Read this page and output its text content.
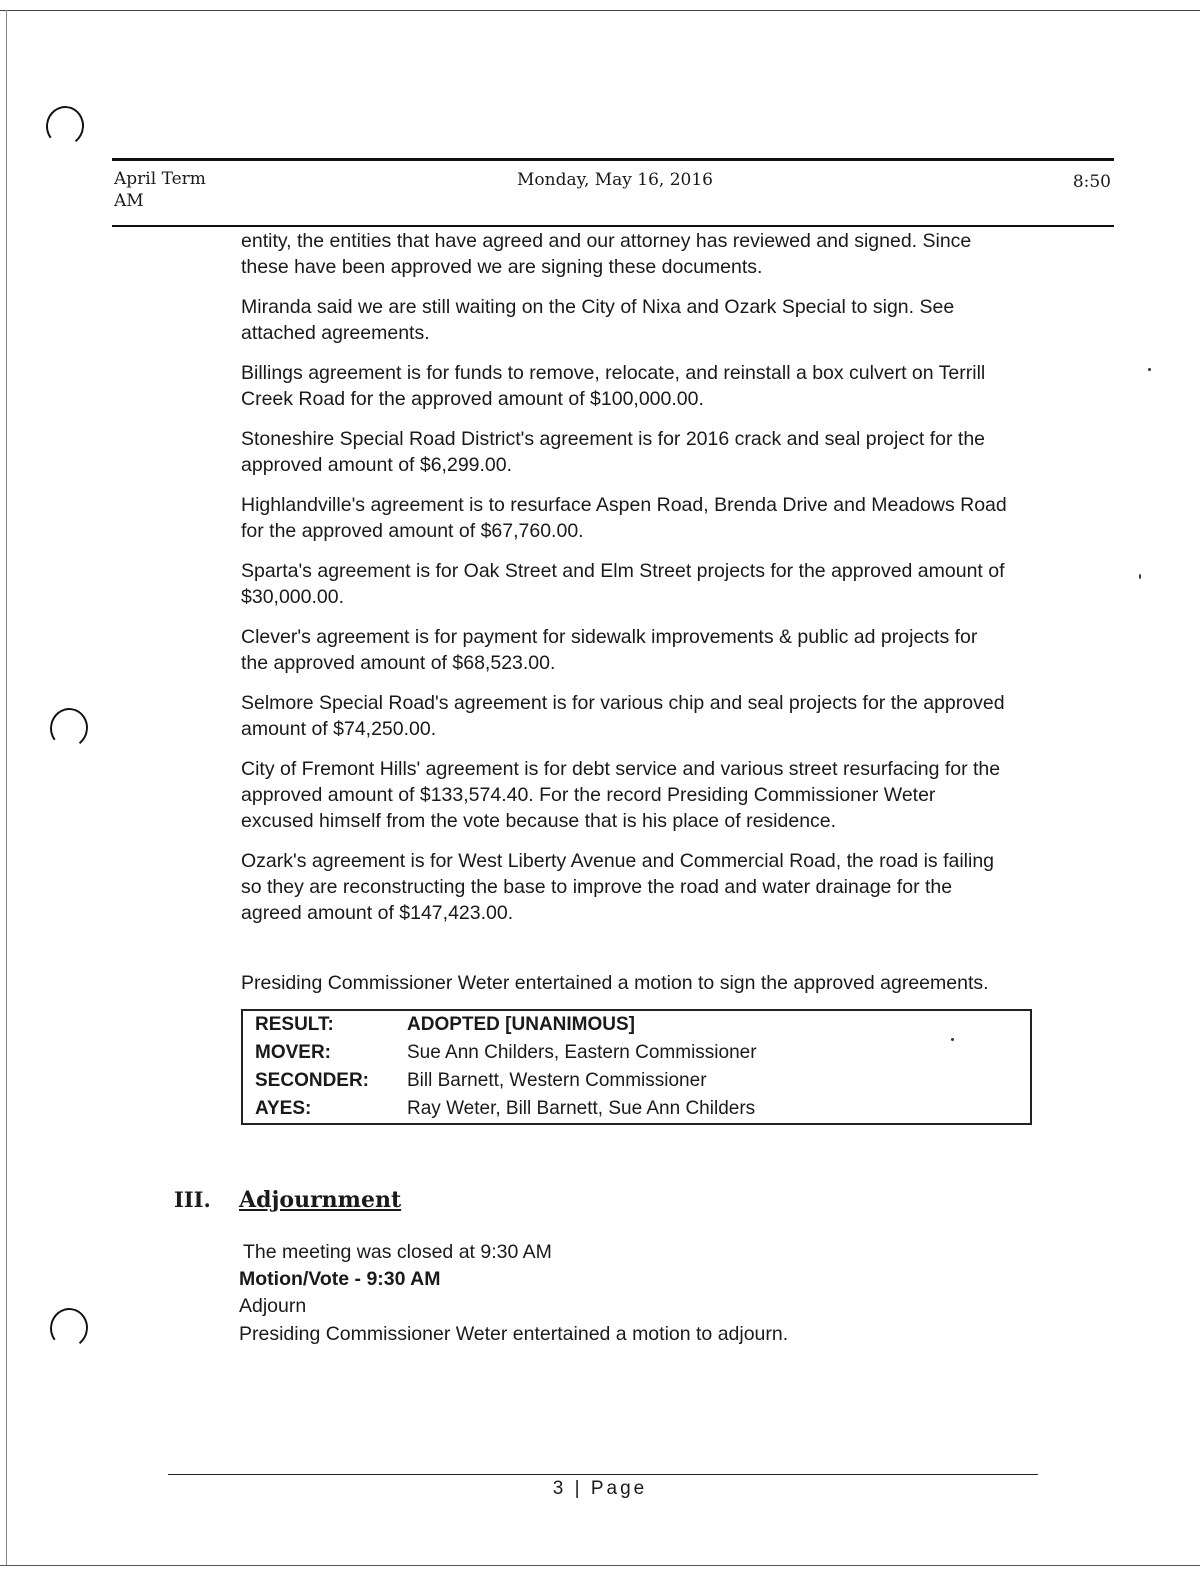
April Term
AM
Monday, May 16, 2016	8:50

entity, the entities that have agreed and our attorney has reviewed and signed. Since
these have been approved we are signing these documents.

Miranda said we are still waiting on the City of Nixa and Ozark Special to sign. See
attached agreements.

Billings agreement is for funds to remove, relocate, and reinstall a box culvert on Terrill
Creek Road for the approved amount of $100,000.00.

Stoneshire Special Road District's agreement is for 2016 crack and seal project for the
approved amount of $6,299.00.

Highlandville's agreement is to resurface Aspen Road, Brenda Drive and Meadows Road
for the approved amount of $67,760.00.

Sparta's agreement is for Oak Street and Elm Street projects for the approved amount of
$30,000.00.

Clever's agreement is for payment for sidewalk improvements & public ad projects for
the approved amount of $68,523.00.

Selmore Special Road's agreement is for various chip and seal projects for the approved
amount of $74,250.00.

City of Fremont Hills' agreement is for debt service and various street resurfacing for the
approved amount of $133,574.40. For the record Presiding Commissioner Weter
excused himself from the vote because that is his place of residence.

Ozark's agreement is for West Liberty Avenue and Commercial Road, the road is failing
so they are reconstructing the base to improve the road and water drainage for the
agreed amount of $147,423.00.

Presiding Commissioner Weter entertained a motion to sign the approved agreements.
RESULT:	ADOPTED [UNANIMOUS]
MOVER:	Sue Ann Childers, Eastern Commissioner
SECONDER: Bill Barnett, Western Commissioner
AYES:	Ray Weter, Bill Barnett, Sue Ann Childers
III. Adjournment
The meeting was closed at 9:30 AM
Motion/Vote - 9:30 AM
Adjourn
Presiding Commissioner Weter entertained a motion to adjourn.
3 | Page
